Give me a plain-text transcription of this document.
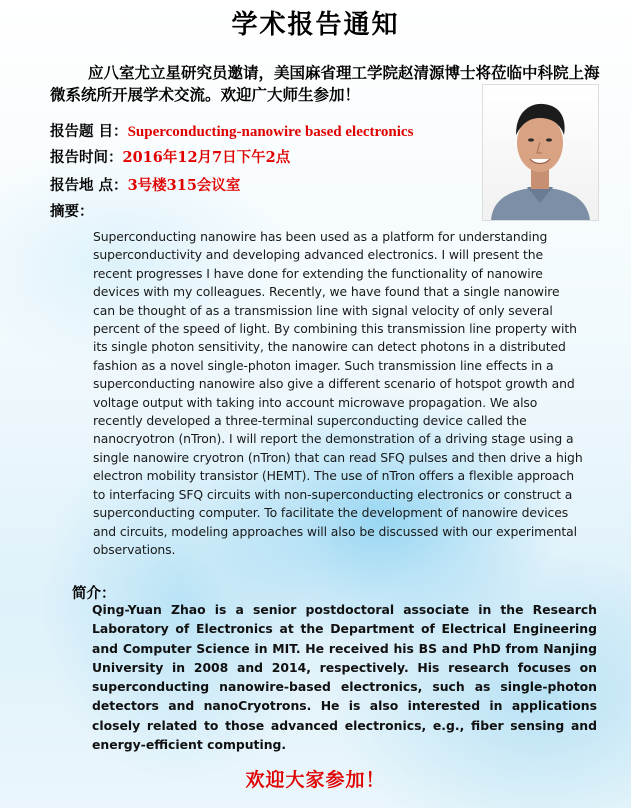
学术报告通知
应八室尤立星研究员邀请，美国麻省理工学院赵清源博士将莅临中科院上海微系统所开展学术交流。欢迎广大师生参加！
报告题 目：Superconducting-nanowire based electronics
报告时间：2016年12月7日下午2点
报告地 点：3号楼315会议室
摘要：
Superconducting nanowire has been used as a platform for understanding superconductivity and developing advanced electronics. I will present the recent progresses I have done for extending the functionality of nanowire devices with my colleagues. Recently, we have found that a single nanowire can be thought of as a transmission line with signal velocity of only several percent of the speed of light. By combining this transmission line property with its single photon sensitivity, the nanowire can detect photons in a distributed fashion as a novel single-photon imager. Such transmission line effects in a superconducting nanowire also give a different scenario of hotspot growth and voltage output with taking into account microwave propagation. We also recently developed a three-terminal superconducting device called the nanocryotron (nTron). I will report the demonstration of a driving stage using a single nanowire cryotron (nTron) that can read SFQ pulses and then drive a high electron mobility transistor (HEMT). The use of nTron offers a flexible approach to interfacing SFQ circuits with non-superconducting electronics or construct a superconducting computer. To facilitate the development of nanowire devices and circuits, modeling approaches will also be discussed with our experimental observations.
简介：
Qing-Yuan Zhao is a senior postdoctoral associate in the Research Laboratory of Electronics at the Department of Electrical Engineering and Computer Science in MIT. He received his BS and PhD from Nanjing University in 2008 and 2014, respectively. His research focuses on superconducting nanowire-based electronics, such as single-photon detectors and nanoCryotrons. He is also interested in applications closely related to those advanced electronics, e.g., fiber sensing and energy-efficient computing.
欢迎大家参加！
